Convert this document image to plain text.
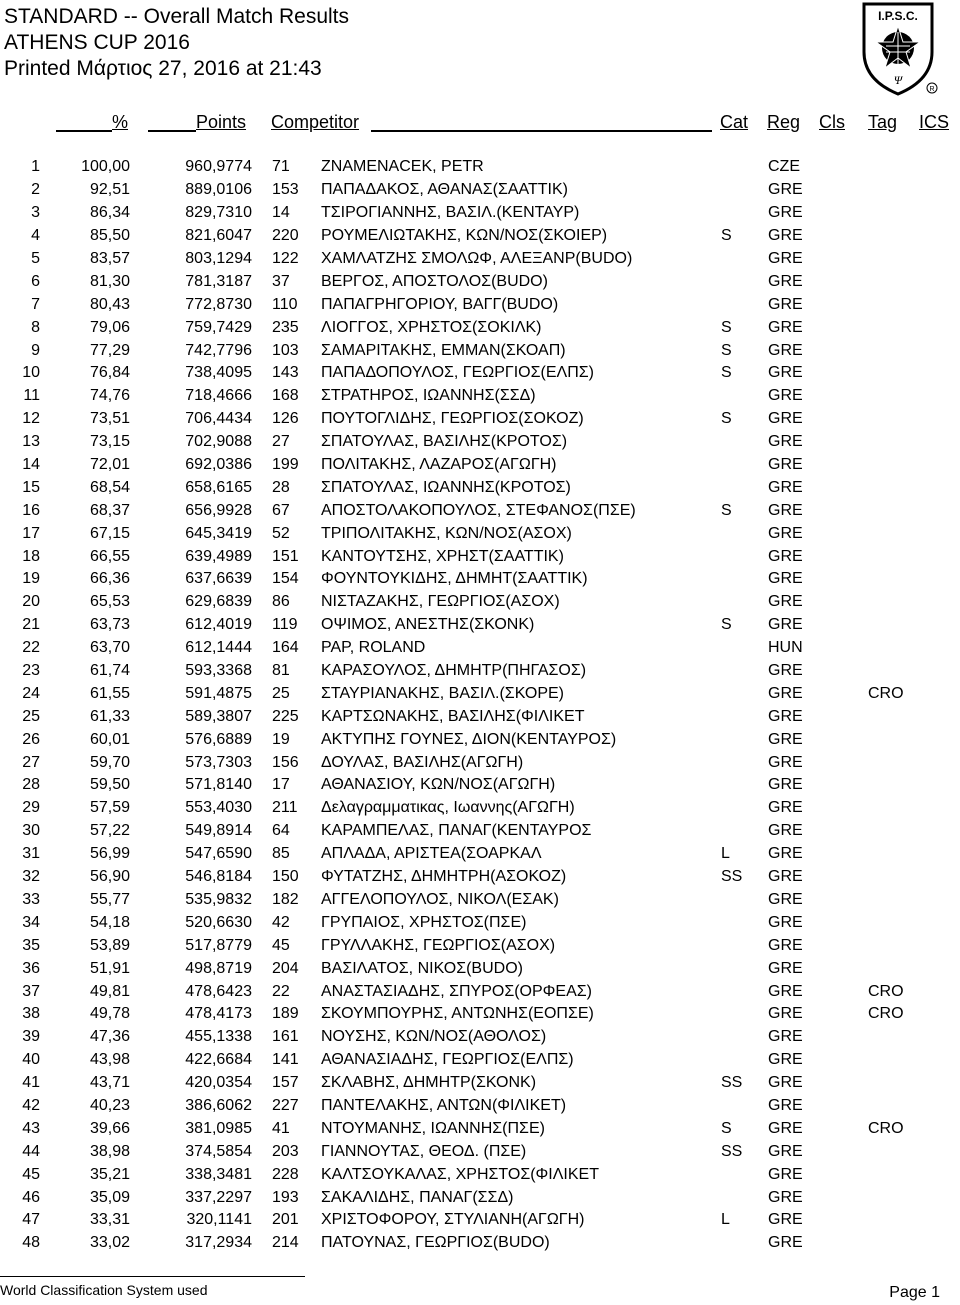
STANDARD -- Overall Match Results
ATHENS CUP 2016
Printed Μάρτιος 27, 2016 at 21:43
I.P.S.C.
Ψ
R
%	Points Competitor	Cat Reg Cls Tag ICS
1	100,00	960,9774	71	ZNAMENACEK, PETR		CZE	
2	92,51	889,0106	153	ΠΑΠΑΔΑΚΟΣ, ΑΘΑΝΑΣ(ΣΑΑΤΤΙΚ)		GRE	
3	86,34	829,7310	14	ΤΣΙΡΟΓΙΑΝΝΗΣ, ΒΑΣΙΛ.(ΚΕΝΤΑΥΡ)		GRE	
4	85,50	821,6047	220	ΡΟΥΜΕΛΙΩΤΑΚΗΣ, ΚΩΝ/ΝΟΣ(ΣΚΟΙΕΡ)	S	GRE	
5	83,57	803,1294	122	ΧΑΜΛΑΤΖΗΣ ΣΜΟΛΩΦ, ΑΛΕΞΑΝΡ(BUDO)		GRE	
6	81,30	781,3187	37	ΒΕΡΓΟΣ, ΑΠΟΣΤΟΛΟΣ(BUDO)		GRE	
7	80,43	772,8730	110	ΠΑΠΑΓΡΗΓΟΡΙΟΥ, ΒΑΓΓ(BUDO)		GRE	
8	79,06	759,7429	235	ΛΙΟΓΓΟΣ, ΧΡΗΣΤΟΣ(ΣΟΚΙΛΚ)	S	GRE	
9	77,29	742,7796	103	ΣΑΜΑΡΙΤΑΚΗΣ, ΕΜΜΑΝ(ΣΚΟΑΠ)	S	GRE	
10	76,84	738,4095	143	ΠΑΠΑΔΟΠΟΥΛΟΣ, ΓΕΩΡΓΙΟΣ(ΕΛΠΣ)	S	GRE	
11	74,76	718,4666	168	ΣΤΡΑΤΗΡΟΣ, ΙΩΑΝΝΗΣ(ΣΣΔ)		GRE	
12	73,51	706,4434	126	ΠΟΥΤΟΓΛΙΔΗΣ, ΓΕΩΡΓΙΟΣ(ΣΟΚΟΖ)	S	GRE	
13	73,15	702,9088	27	ΣΠΑΤΟΥΛΑΣ, ΒΑΣΙΛΗΣ(ΚΡΟΤΟΣ)		GRE	
14	72,01	692,0386	199	ΠΟΛΙΤΑΚΗΣ, ΛΑΖΑΡΟΣ(ΑΓΩΓΗ)		GRE	
15	68,54	658,6165	28	ΣΠΑΤΟΥΛΑΣ, ΙΩΑΝΝΗΣ(ΚΡΟΤΟΣ)		GRE	
16	68,37	656,9928	67	ΑΠΟΣΤΟΛΑΚΟΠΟΥΛΟΣ, ΣΤΕΦΑΝΟΣ(ΠΣΕ)	S	GRE	
17	67,15	645,3419	52	ΤΡΙΠΟΛΙΤΑΚΗΣ, ΚΩΝ/ΝΟΣ(ΑΣΟΧ)		GRE	
18	66,55	639,4989	151	ΚΑΝΤΟΥΤΣΗΣ, ΧΡΗΣΤ(ΣΑΑΤΤΙΚ)		GRE	
19	66,36	637,6639	154	ΦΟΥΝΤΟΥΚΙΔΗΣ, ΔΗΜΗΤ(ΣΑΑΤΤΙΚ)		GRE	
20	65,53	629,6839	86	ΝΙΣΤΑΖΑΚΗΣ, ΓΕΩΡΓΙΟΣ(ΑΣΟΧ)		GRE	
21	63,73	612,4019	119	ΟΨΙΜΟΣ, ΑΝΕΣΤΗΣ(ΣΚΟΝΚ)	S	GRE	
22	63,70	612,1444	164	PAP, ROLAND		HUN	
23	61,74	593,3368	81	ΚΑΡΑΣΟΥΛΟΣ, ΔΗΜΗΤΡ(ΠΗΓΑΣΟΣ)		GRE	
24	61,55	591,4875	25	ΣΤΑΥΡΙΑΝΑΚΗΣ, ΒΑΣΙΛ.(ΣΚΟΡΕ)		GRE	CRO
25	61,33	589,3807	225	ΚΑΡΤΣΩΝΑΚΗΣ, ΒΑΣΙΛΗΣ(ΦΙΛΙΚΕΤ		GRE	
26	60,01	576,6889	19	ΑΚΤΥΠΗΣ ΓΟΥΝΕΣ, ΔΙΟΝ(ΚΕΝΤΑΥΡΟΣ)		GRE	
27	59,70	573,7303	156	ΔΟΥΛΑΣ, ΒΑΣΙΛΗΣ(ΑΓΩΓΗ)		GRE	
28	59,50	571,8140	17	ΑΘΑΝΑΣΙΟΥ, ΚΩΝ/ΝΟΣ(ΑΓΩΓΗ)		GRE	
29	57,59	553,4030	211	Δελαγραμματικας, Ιωαννης(ΑΓΩΓΗ)		GRE	
30	57,22	549,8914	64	ΚΑΡΑΜΠΕΛΑΣ, ΠΑΝΑΓ(ΚΕΝΤΑΥΡΟΣ		GRE	
31	56,99	547,6590	85	ΑΠΛΑΔΑ, ΑΡΙΣΤΕΑ(ΣΟΑΡΚΑΛ	L	GRE	
32	56,90	546,8184	150	ΦΥΤΑΤΖΗΣ, ΔΗΜΗΤΡΗ(ΑΣΟΚΟΖ)	SS	GRE	
33	55,77	535,9832	182	ΑΓΓΕΛΟΠΟΥΛΟΣ, ΝΙΚΟΛ(ΕΣΑΚ)		GRE	
34	54,18	520,6630	42	ΓΡΥΠΑΙΟΣ, ΧΡΗΣΤΟΣ(ΠΣΕ)		GRE	
35	53,89	517,8779	45	ΓΡΥΛΛΑΚΗΣ, ΓΕΩΡΓΙΟΣ(ΑΣΟΧ)		GRE	
36	51,91	498,8719	204	ΒΑΣΙΛΑΤΟΣ, ΝΙΚΟΣ(BUDO)		GRE	
37	49,81	478,6423	22	ΑΝΑΣΤΑΣΙΑΔΗΣ, ΣΠΥΡΟΣ(ΟΡΦΕΑΣ)		GRE	CRO
38	49,78	478,4173	189	ΣΚΟΥΜΠΟΥΡΗΣ, ΑΝΤΩΝΗΣ(ΕΟΠΣΕ)		GRE	CRO
39	47,36	455,1338	161	ΝΟΥΣΗΣ, ΚΩΝ/ΝΟΣ(ΑΘΟΛΟΣ)		GRE	
40	43,98	422,6684	141	ΑΘΑΝΑΣΙΑΔΗΣ, ΓΕΩΡΓΙΟΣ(ΕΛΠΣ)		GRE	
41	43,71	420,0354	157	ΣΚΛΑΒΗΣ, ΔΗΜΗΤΡ(ΣΚΟΝΚ)	SS	GRE	
42	40,23	386,6062	227	ΠΑΝΤΕΛΑΚΗΣ, ΑΝΤΩΝ(ΦΙΛΙΚΕΤ)		GRE	
43	39,66	381,0985	41	ΝΤΟΥΜΑΝΗΣ, ΙΩΑΝΝΗΣ(ΠΣΕ)	S	GRE	CRO
44	38,98	374,5854	203	ΓΙΑΝΝΟΥΤΑΣ, ΘΕΟΔ. (ΠΣΕ)	SS	GRE	
45	35,21	338,3481	228	ΚΑΛΤΣΟΥΚΑΛΑΣ, ΧΡΗΣΤΟΣ(ΦΙΛΙΚΕΤ		GRE	
46	35,09	337,2297	193	ΣΑΚΑΛΙΔΗΣ, ΠΑΝΑΓ(ΣΣΔ)		GRE	
47	33,31	320,1141	201	ΧΡΙΣΤΟΦΟΡΟΥ, ΣΤΥΛΙΑΝΗ(ΑΓΩΓΗ)	L	GRE	
48	33,02	317,2934	214	ΠΑΤΟΥΝΑΣ, ΓΕΩΡΓΙΟΣ(BUDO)		GRE	
World Classification System used	Page 1
